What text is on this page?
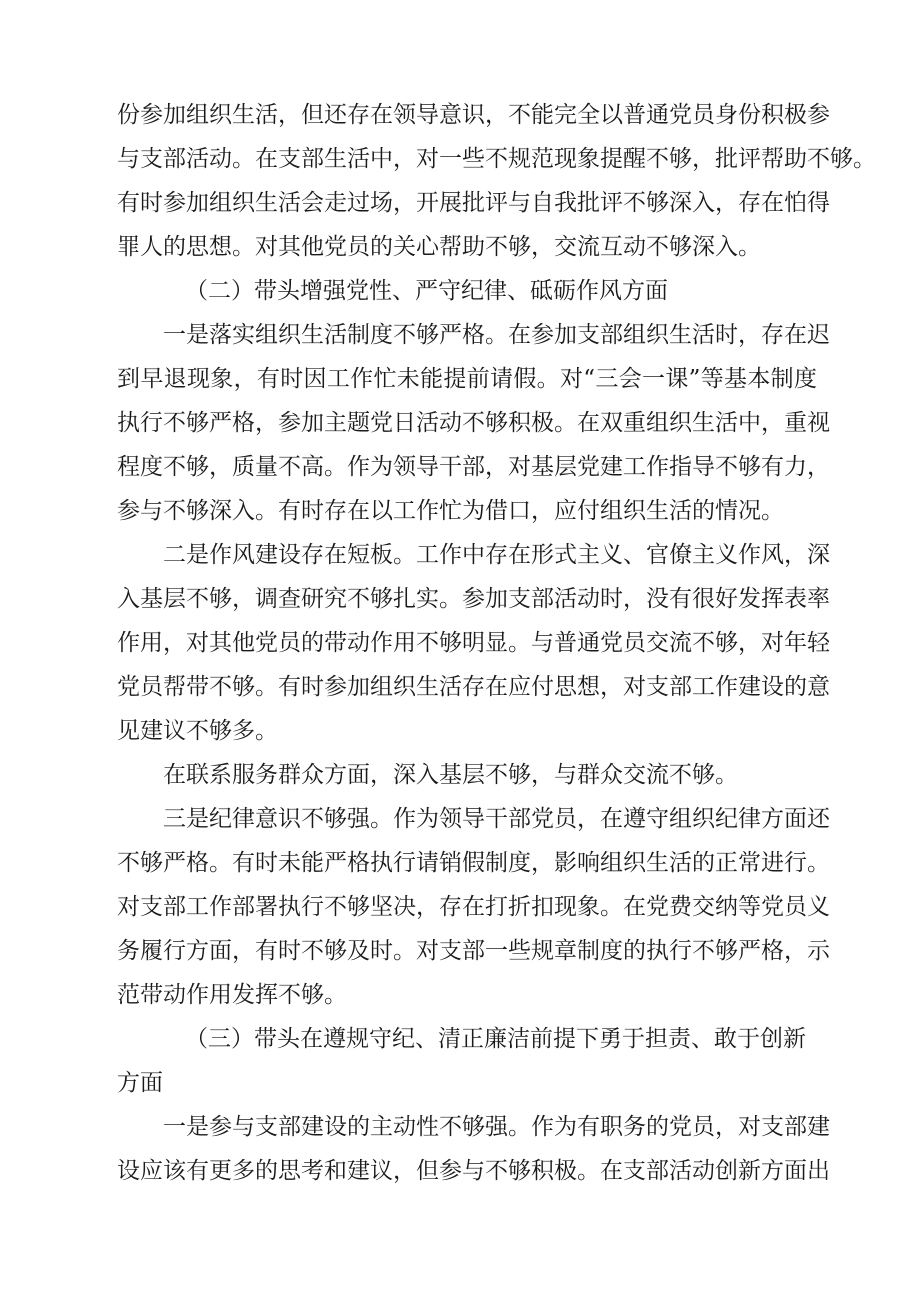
份参加组织生活，但还存在领导意识，不能完全以普通党员身份积极参
与支部活动。在支部生活中，对一些不规范现象提醒不够，批评帮助不够。
有时参加组织生活会走过场，开展批评与自我批评不够深入，存在怕得
罪人的思想。对其他党员的关心帮助不够，交流互动不够深入。
（二）带头增强党性、严守纪律、砥砺作风方面
一是落实组织生活制度不够严格。在参加支部组织生活时，存在迟
到早退现象，有时因工作忙未能提前请假。对“三会一课”等基本制度
执行不够严格，参加主题党日活动不够积极。在双重组织生活中，重视
程度不够，质量不高。作为领导干部，对基层党建工作指导不够有力，
参与不够深入。有时存在以工作忙为借口，应付组织生活的情况。
二是作风建设存在短板。工作中存在形式主义、官僚主义作风，深
入基层不够，调查研究不够扎实。参加支部活动时，没有很好发挥表率
作用，对其他党员的带动作用不够明显。与普通党员交流不够，对年轻
党员帮带不够。有时参加组织生活存在应付思想，对支部工作建设的意
见建议不够多。
在联系服务群众方面，深入基层不够，与群众交流不够。
三是纪律意识不够强。作为领导干部党员，在遵守组织纪律方面还
不够严格。有时未能严格执行请销假制度，影响组织生活的正常进行。
对支部工作部署执行不够坚决，存在打折扣现象。在党费交纳等党员义
务履行方面，有时不够及时。对支部一些规章制度的执行不够严格，示
范带动作用发挥不够。
（三）带头在遵规守纪、清正廉洁前提下勇于担责、敢于创新
方面
一是参与支部建设的主动性不够强。作为有职务的党员，对支部建
设应该有更多的思考和建议，但参与不够积极。在支部活动创新方面出
